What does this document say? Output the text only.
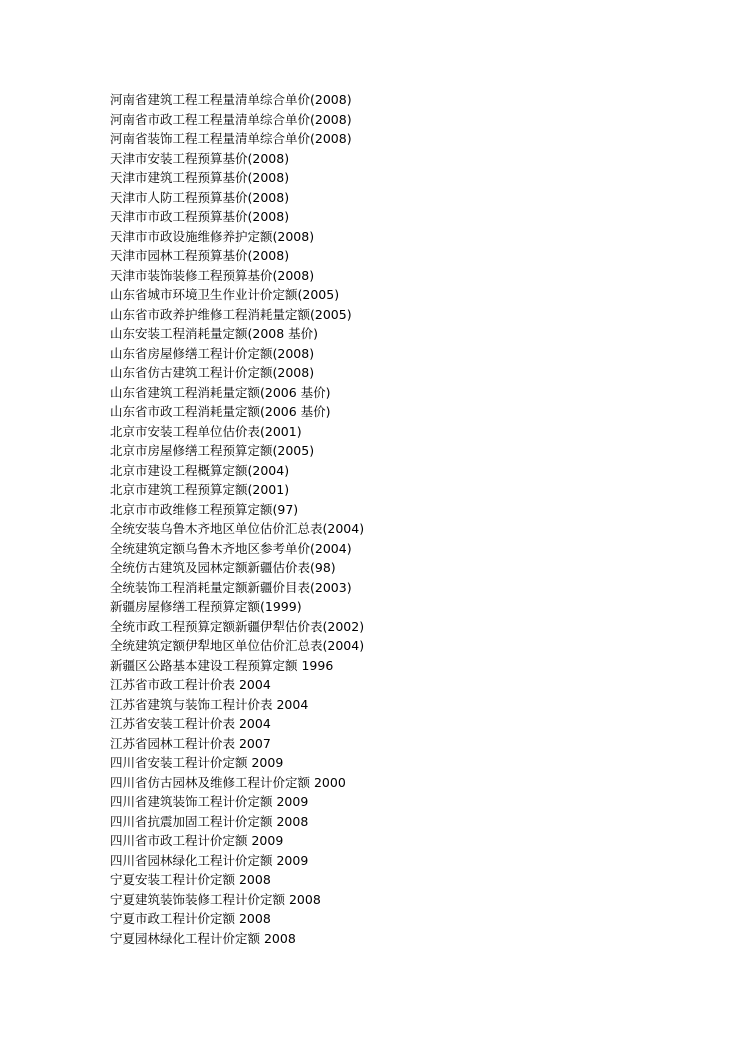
河南省建筑工程工程量清单综合单价(2008)
河南省市政工程工程量清单综合单价(2008)
河南省装饰工程工程量清单综合单价(2008)
天津市安装工程预算基价(2008)
天津市建筑工程预算基价(2008)
天津市人防工程预算基价(2008)
天津市市政工程预算基价(2008)
天津市市政设施维修养护定额(2008)
天津市园林工程预算基价(2008)
天津市装饰装修工程预算基价(2008)
山东省城市环境卫生作业计价定额(2005)
山东省市政养护维修工程消耗量定额(2005)
山东安装工程消耗量定额(2008 基价)
山东省房屋修缮工程计价定额(2008)
山东省仿古建筑工程计价定额(2008)
山东省建筑工程消耗量定额(2006 基价)
山东省市政工程消耗量定额(2006 基价)
北京市安装工程单位估价表(2001)
北京市房屋修缮工程预算定额(2005)
北京市建设工程概算定额(2004)
北京市建筑工程预算定额(2001)
北京市市政维修工程预算定额(97)
全统安装乌鲁木齐地区单位估价汇总表(2004)
全统建筑定额乌鲁木齐地区参考单价(2004)
全统仿古建筑及园林定额新疆估价表(98)
全统装饰工程消耗量定额新疆价目表(2003)
新疆房屋修缮工程预算定额(1999)
全统市政工程预算定额新疆伊犁估价表(2002)
全统建筑定额伊犁地区单位估价汇总表(2004)
新疆区公路基本建设工程预算定额 1996
江苏省市政工程计价表 2004
江苏省建筑与装饰工程计价表 2004
江苏省安装工程计价表 2004
江苏省园林工程计价表 2007
四川省安装工程计价定额 2009
四川省仿古园林及维修工程计价定额 2000
四川省建筑装饰工程计价定额 2009
四川省抗震加固工程计价定额 2008
四川省市政工程计价定额 2009
四川省园林绿化工程计价定额 2009
宁夏安装工程计价定额 2008
宁夏建筑装饰装修工程计价定额 2008
宁夏市政工程计价定额 2008
宁夏园林绿化工程计价定额 2008
